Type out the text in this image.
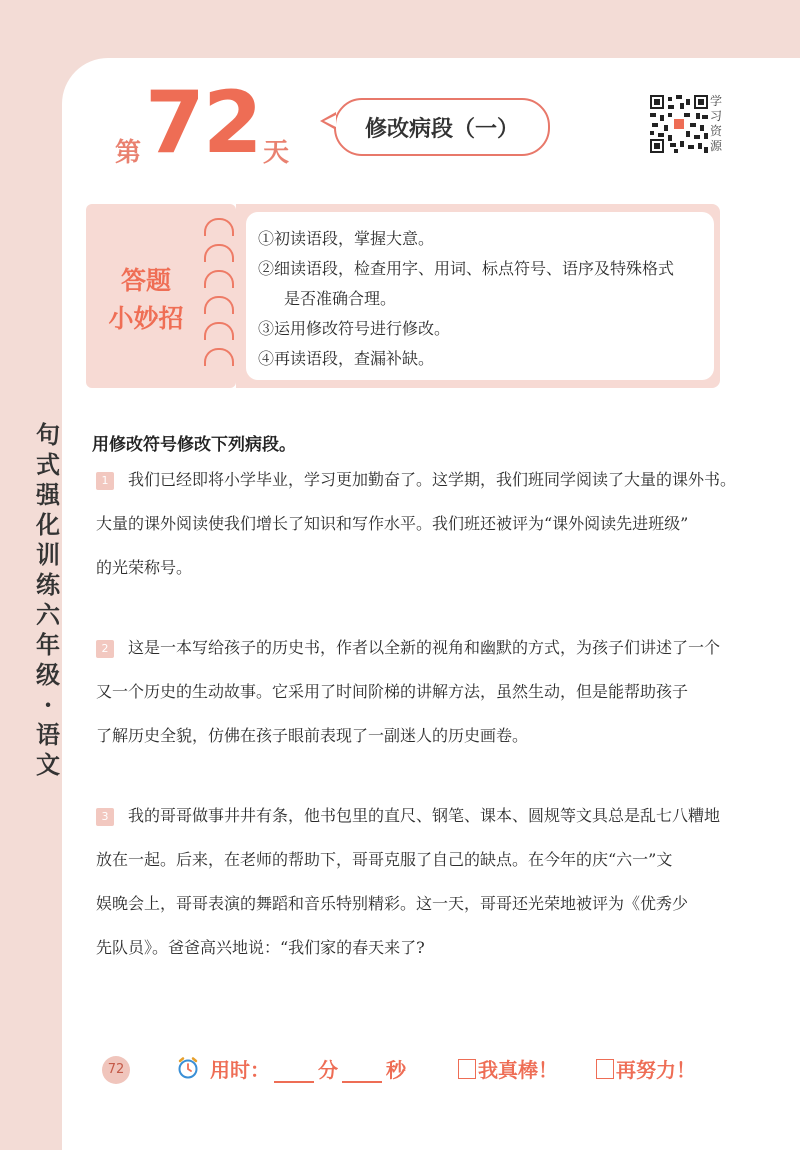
第 72 天
修改病段（一）
学习资源
答题
小妙招
①初读语段，掌握大意。
②细读语段，检查用字、用词、标点符号、语序及特殊格式
是否准确合理。
③运用修改符号进行修改。
④再读语段，查漏补缺。
句
式
强
化
训
练
六
年
级
·
语
文
用修改符号修改下列病段。
1 我们已经即将小学毕业，学习更加勤奋了。这学期，我们班同学阅读了大量的课外书。
大量的课外阅读使我们增长了知识和写作水平。我们班还被评为“课外阅读先进班级”
的光荣称号。
2 这是一本写给孩子的历史书，作者以全新的视角和幽默的方式，为孩子们讲述了一个
又一个历史的生动故事。它采用了时间阶梯的讲解方法，虽然生动，但是能帮助孩子
了解历史全貌，仿佛在孩子眼前表现了一副迷人的历史画卷。
3 我的哥哥做事井井有条，他书包里的直尺、钢笔、课本、圆规等文具总是乱七八糟地
放在一起。后来，在老师的帮助下，哥哥克服了自己的缺点。在今年的庆“六一”文
娱晚会上，哥哥表演的舞蹈和音乐特别精彩。这一天，哥哥还光荣地被评为《优秀少
先队员》。爸爸高兴地说：“我们家的春天来了?
72	用时： 分 秒	我真棒！	再努力！
